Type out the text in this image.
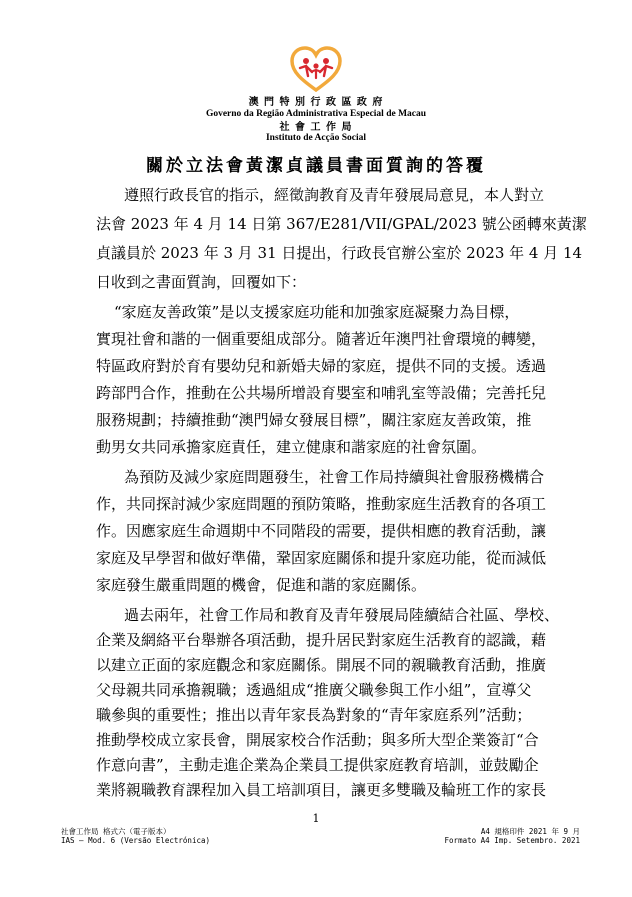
澳 門 特 別 行 政 區 政 府
Governo da Região Administrativa Especial de Macau
社 會 工 作 局
Instituto de Acção Social
關於立法會黃潔貞議員書面質詢的答覆
遵照行政長官的指示，經徵詢教育及青年發展局意見，本人對立
法會 2023 年 4 月 14 日第 367/E281/VII/GPAL/2023 號公函轉來黃潔
貞議員於 2023 年 3 月 31 日提出，行政長官辦公室於 2023 年 4 月 14
日收到之書面質詢，回覆如下：
“家庭友善政策”是以支援家庭功能和加強家庭凝聚力為目標，
實現社會和諧的一個重要組成部分。隨著近年澳門社會環境的轉變，
特區政府對於育有嬰幼兒和新婚夫婦的家庭，提供不同的支援。透過
跨部門合作，推動在公共場所增設育嬰室和哺乳室等設備；完善托兒
服務規劃；持續推動“澳門婦女發展目標”，關注家庭友善政策，推
動男女共同承擔家庭責任，建立健康和諧家庭的社會氛圍。
為預防及減少家庭問題發生，社會工作局持續與社會服務機構合
作，共同探討減少家庭問題的預防策略，推動家庭生活教育的各項工
作。因應家庭生命週期中不同階段的需要，提供相應的教育活動，讓
家庭及早學習和做好準備，鞏固家庭關係和提升家庭功能，從而減低
家庭發生嚴重問題的機會，促進和諧的家庭關係。
過去兩年，社會工作局和教育及青年發展局陸續結合社區、學校、
企業及網絡平台舉辦各項活動，提升居民對家庭生活教育的認識，藉
以建立正面的家庭觀念和家庭關係。開展不同的親職教育活動，推廣
父母親共同承擔親職；透過組成“推廣父職參與工作小組”，宣導父
職參與的重要性；推出以青年家長為對象的“青年家庭系列”活動；
推動學校成立家長會，開展家校合作活動；與多所大型企業簽訂“合
作意向書”，主動走進企業為企業員工提供家庭教育培訓，並鼓勵企
業將親職教育課程加入員工培訓項目，讓更多雙職及輪班工作的家長
1
社會工作局 格式六（電子版本）
IAS – Mod. 6 (Versão Electrónica)
A4 規格印件 2021 年 9 月
Formato A4 Imp. Setembro. 2021
